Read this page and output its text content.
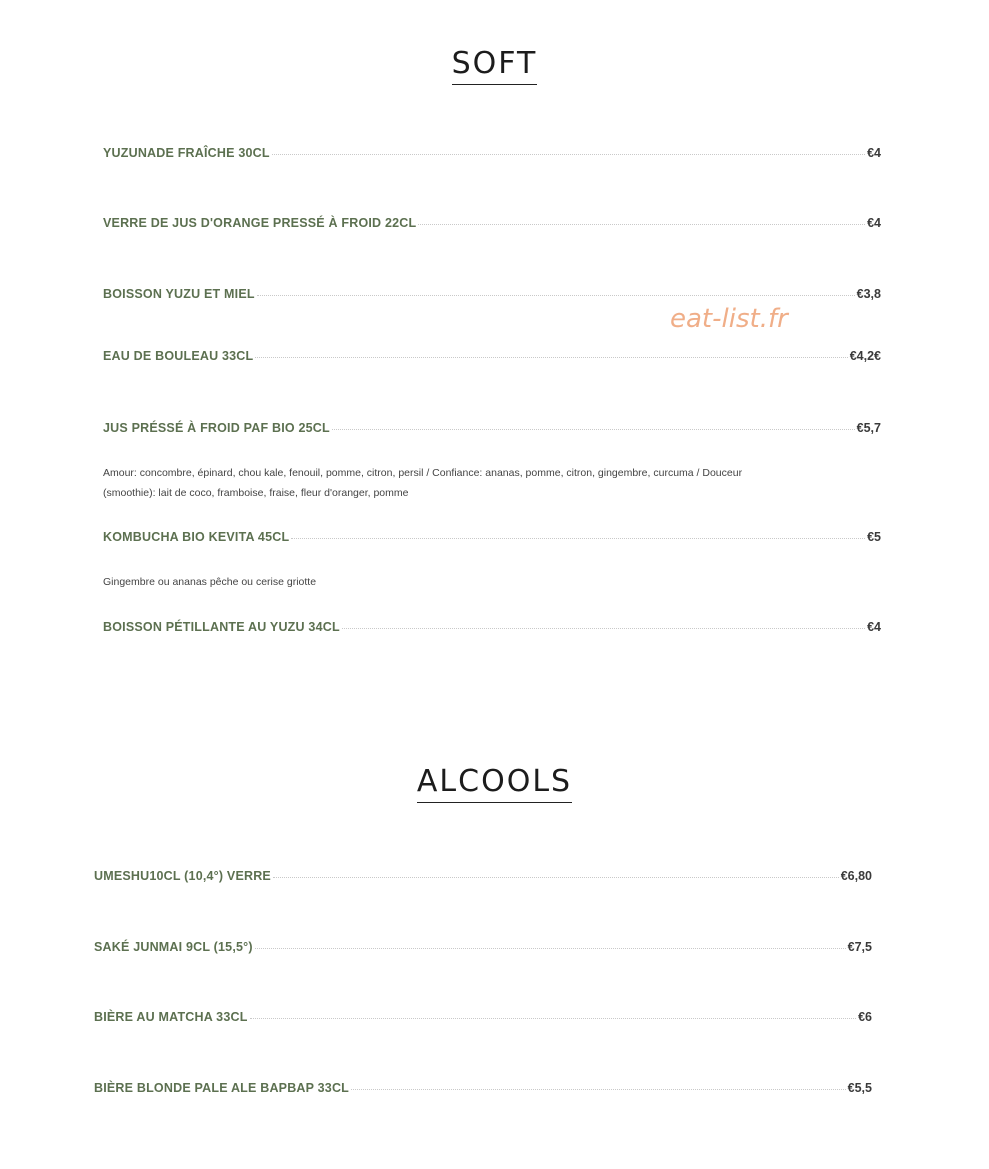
SOFT
YUZUNADE FRAÎCHE 30CL	€4
VERRE DE JUS D'ORANGE PRESSÉ À FROID 22CL	€4
BOISSON YUZU ET MIEL	€3,8
eat-list.fr
EAU DE BOULEAU 33CL	€4,2€
JUS PRÉSSÉ À FROID PAF BIO 25CL	€5,7
Amour: concombre, épinard, chou kale, fenouil, pomme, citron, persil / Confiance: ananas, pomme, citron, gingembre, curcuma / Douceur (smoothie): lait de coco, framboise, fraise, fleur d'oranger, pomme
KOMBUCHA BIO KEVITA 45CL	€5
Gingembre ou ananas pêche ou cerise griotte
BOISSON PÉTILLANTE AU YUZU 34CL	€4
ALCOOLS
UMESHU10CL (10,4°) VERRE	€6,80
SAKÉ JUNMAI 9CL (15,5°)	€7,5
BIÈRE AU MATCHA 33CL	€6
BIÈRE BLONDE PALE ALE BAPBAP 33CL	€5,5
